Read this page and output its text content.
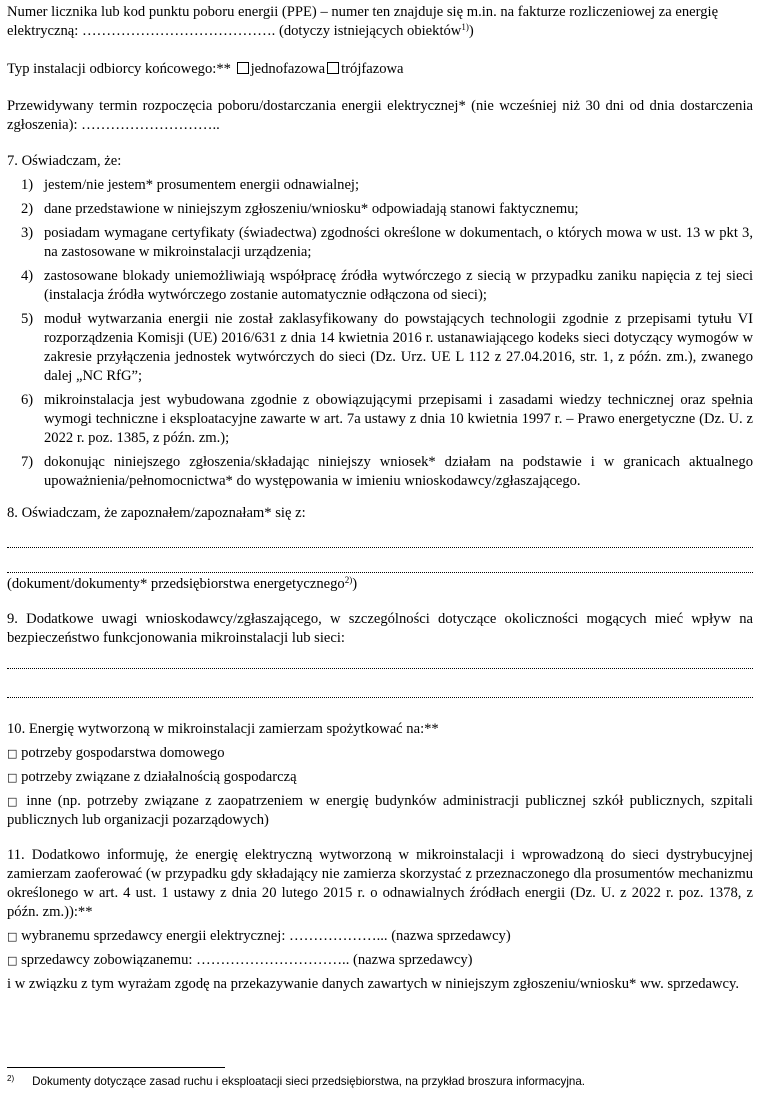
Numer licznika lub kod punktu poboru energii (PPE) – numer ten znajduje się m.in. na fakturze rozliczeniowej za energię
elektryczną: …………………………………. (dotyczy istniejących obiektów$^{1)}$)

Typ instalacji odbiorcy końcowego:** jednofazowa trójfazowa

Przewidywany termin rozpoczęcia poboru/dostarczania energii elektrycznej* (nie wcześniej niż 30 dni od dnia dostarczenia zgłoszenia): ………………………..

7. Oświadczam, że:

1) jestem/nie jestem* prosumentem energii odnawialnej;
2) dane przedstawione w niniejszym zgłoszeniu/wniosku* odpowiadają stanowi faktycznemu;
3) posiadam wymagane certyfikaty (świadectwa) zgodności określone w dokumentach, o których mowa w ust. 13 w pkt 3, na zastosowane w mikroinstalacji urządzenia;
4) zastosowane blokady uniemożliwiają współpracę źródła wytwórczego z siecią w przypadku zaniku napięcia z tej sieci (instalacja źródła wytwórczego zostanie automatycznie odłączona od sieci);
5) moduł wytwarzania energii nie został zaklasyfikowany do powstających technologii zgodnie z przepisami tytułu VI rozporządzenia Komisji (UE) 2016/631 z dnia 14 kwietnia 2016 r. ustanawiającego kodeks sieci dotyczący wymogów w zakresie przyłączenia jednostek wytwórczych do sieci (Dz. Urz. UE L 112 z 27.04.2016, str. 1, z późn. zm.), zwanego dalej „NC RfG”;
6) mikroinstalacja jest wybudowana zgodnie z obowiązującymi przepisami i zasadami wiedzy technicznej oraz spełnia wymogi techniczne i eksploatacyjne zawarte w art. 7a ustawy z dnia 10 kwietnia 1997 r. – Prawo energetyczne (Dz. U. z 2022 r. poz. 1385, z późn. zm.);
7) dokonując niniejszego zgłoszenia/składając niniejszy wniosek* działam na podstawie i w granicach aktualnego upoważnienia/pełnomocnictwa* do występowania w imieniu wnioskodawcy/zgłaszającego.

8. Oświadczam, że zapoznałem/zapoznałam* się z:

(dokument/dokumenty* przedsiębiorstwa energetycznego$^{2)}$)

9. Dodatkowe uwagi wnioskodawcy/zgłaszającego, w szczególności dotyczące okoliczności mogących mieć wpływ na bezpieczeństwo funkcjonowania mikroinstalacji lub sieci:

10. Energię wytworzoną w mikroinstalacji zamierzam spożytkować na:**

□ potrzeby gospodarstwa domowego

□ potrzeby związane z działalnością gospodarczą

□ inne (np. potrzeby związane z zaopatrzeniem w energię budynków administracji publicznej szkół publicznych, szpitali publicznych lub organizacji pozarządowych)

11. Dodatkowo informuję, że energię elektryczną wytworzoną w mikroinstalacji i wprowadzoną do sieci dystrybucyjnej zamierzam zaoferować (w przypadku gdy składający nie zamierza skorzystać z przeznaczonego dla prosumentów mechanizmu określonego w art. 4 ust. 1 ustawy z dnia 20 lutego 2015 r. o odnawialnych źródłach energii (Dz. U. z 2022 r. poz. 1378, z późn. zm.)):**

□ wybranemu sprzedawcy energii elektrycznej: ………………... (nazwa sprzedawcy)

□ sprzedawcy zobowiązanemu: ………………………….. (nazwa sprzedawcy)

i w związku z tym wyrażam zgodę na przekazywanie danych zawartych w niniejszym zgłoszeniu/wniosku* ww. sprzedawcy.

$^{2)}$ Dokumenty dotyczące zasad ruchu i eksploatacji sieci przedsiębiorstwa, na przykład broszura informacyjna.
